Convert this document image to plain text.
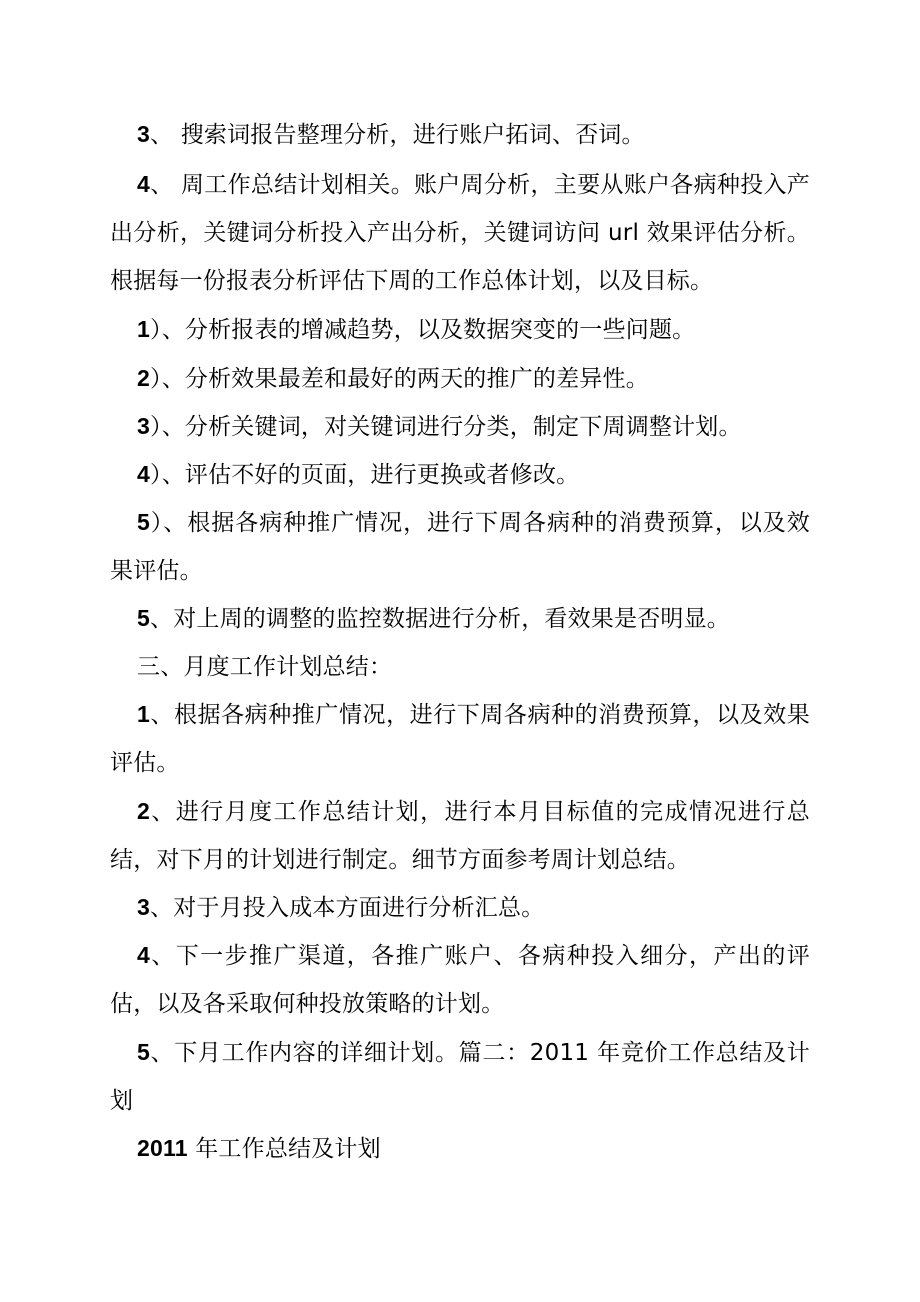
3、 搜索词报告整理分析，进行账户拓词、否词。

4、 周工作总结计划相关。账户周分析，主要从账户各病种投入产出分析，关键词分析投入产出分析，关键词访问 url 效果评估分析。根据每一份报表分析评估下周的工作总体计划，以及目标。

1）、分析报表的增减趋势，以及数据突变的一些问题。

2）、分析效果最差和最好的两天的推广的差异性。

3）、分析关键词，对关键词进行分类，制定下周调整计划。

4）、评估不好的页面，进行更换或者修改。

5）、根据各病种推广情况，进行下周各病种的消费预算，以及效果评估。

5、对上周的调整的监控数据进行分析，看效果是否明显。

三、月度工作计划总结：

1、根据各病种推广情况，进行下周各病种的消费预算，以及效果评估。

2、进行月度工作总结计划，进行本月目标值的完成情况进行总结，对下月的计划进行制定。细节方面参考周计划总结。

3、对于月投入成本方面进行分析汇总。

4、下一步推广渠道，各推广账户、各病种投入细分，产出的评估，以及各采取何种投放策略的计划。

5、下月工作内容的详细计划。篇二：2011 年竞价工作总结及计划

2011 年工作总结及计划
